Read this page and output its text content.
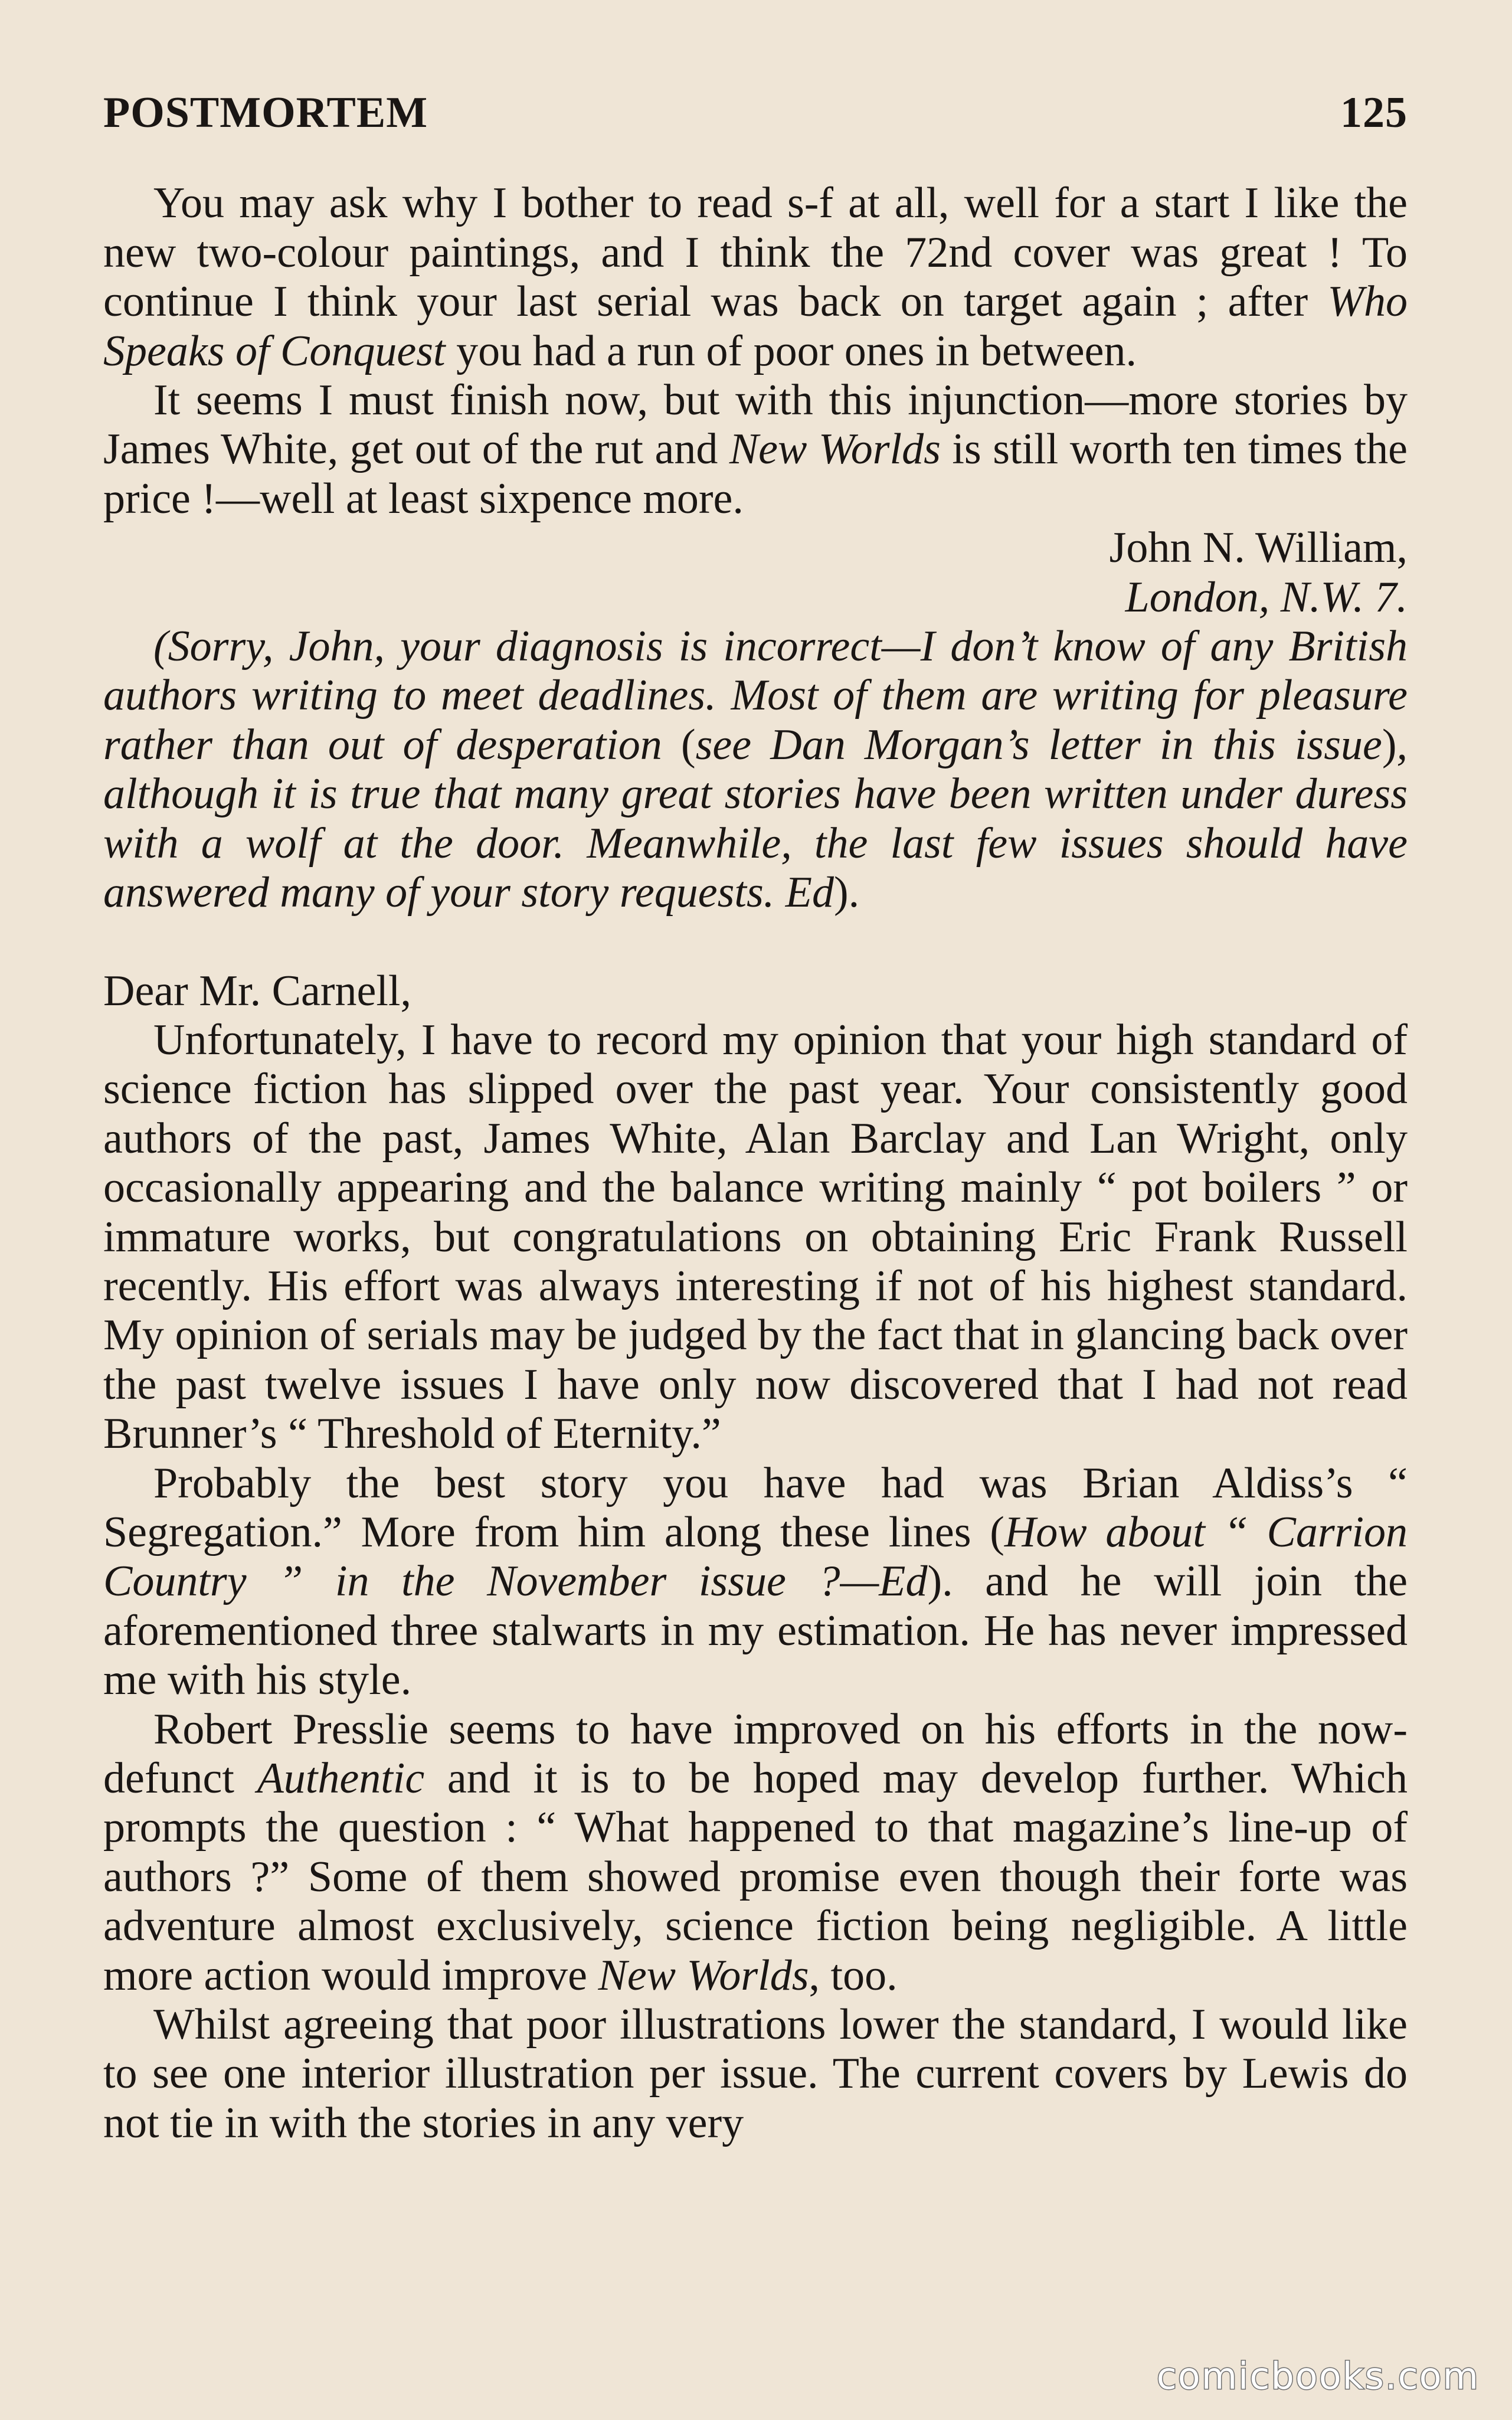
POSTMORTEM	125

You may ask why I bother to read s-f at all, well for a start I like the new two-colour paintings, and I think the 72nd cover was great ! To continue I think your last serial was back on target again ; after Who Speaks of Conquest you had a run of poor ones in between.

It seems I must finish now, but with this injunction—more stories by James White, get out of the rut and New Worlds is still worth ten times the price !—well at least sixpence more.

John N. William,

London, N.W. 7.

(Sorry, John, your diagnosis is incorrect—I don’t know of any British authors writing to meet deadlines. Most of them are writing for pleasure rather than out of desperation (see Dan Morgan’s letter in this issue), although it is true that many great stories have been written under duress with a wolf at the door. Meanwhile, the last few issues should have answered many of your story requests. Ed).

Dear Mr. Carnell,

Unfortunately, I have to record my opinion that your high standard of science fiction has slipped over the past year. Your consistently good authors of the past, James White, Alan Barclay and Lan Wright, only occasionally appearing and the balance writing mainly “ pot boilers ” or immature works, but congratulations on obtaining Eric Frank Russell recently. His effort was always interesting if not of his highest standard. My opinion of serials may be judged by the fact that in glancing back over the past twelve issues I have only now discovered that I had not read Brunner’s “ Threshold of Eternity.”

Probably the best story you have had was Brian Aldiss’s “ Segregation.” More from him along these lines (How about “ Carrion Country ” in the November issue ?—Ed). and he will join the aforementioned three stalwarts in my estimation. He has never impressed me with his style.

Robert Presslie seems to have improved on his efforts in the now-defunct Authentic and it is to be hoped may develop further. Which prompts the question : “ What happened to that magazine’s line-up of authors ?” Some of them showed promise even though their forte was adventure almost exclusively, science fiction being negligible. A little more action would improve New Worlds, too.

Whilst agreeing that poor illustrations lower the standard, I would like to see one interior illustration per issue. The current covers by Lewis do not tie in with the stories in any very

comicbooks.com
